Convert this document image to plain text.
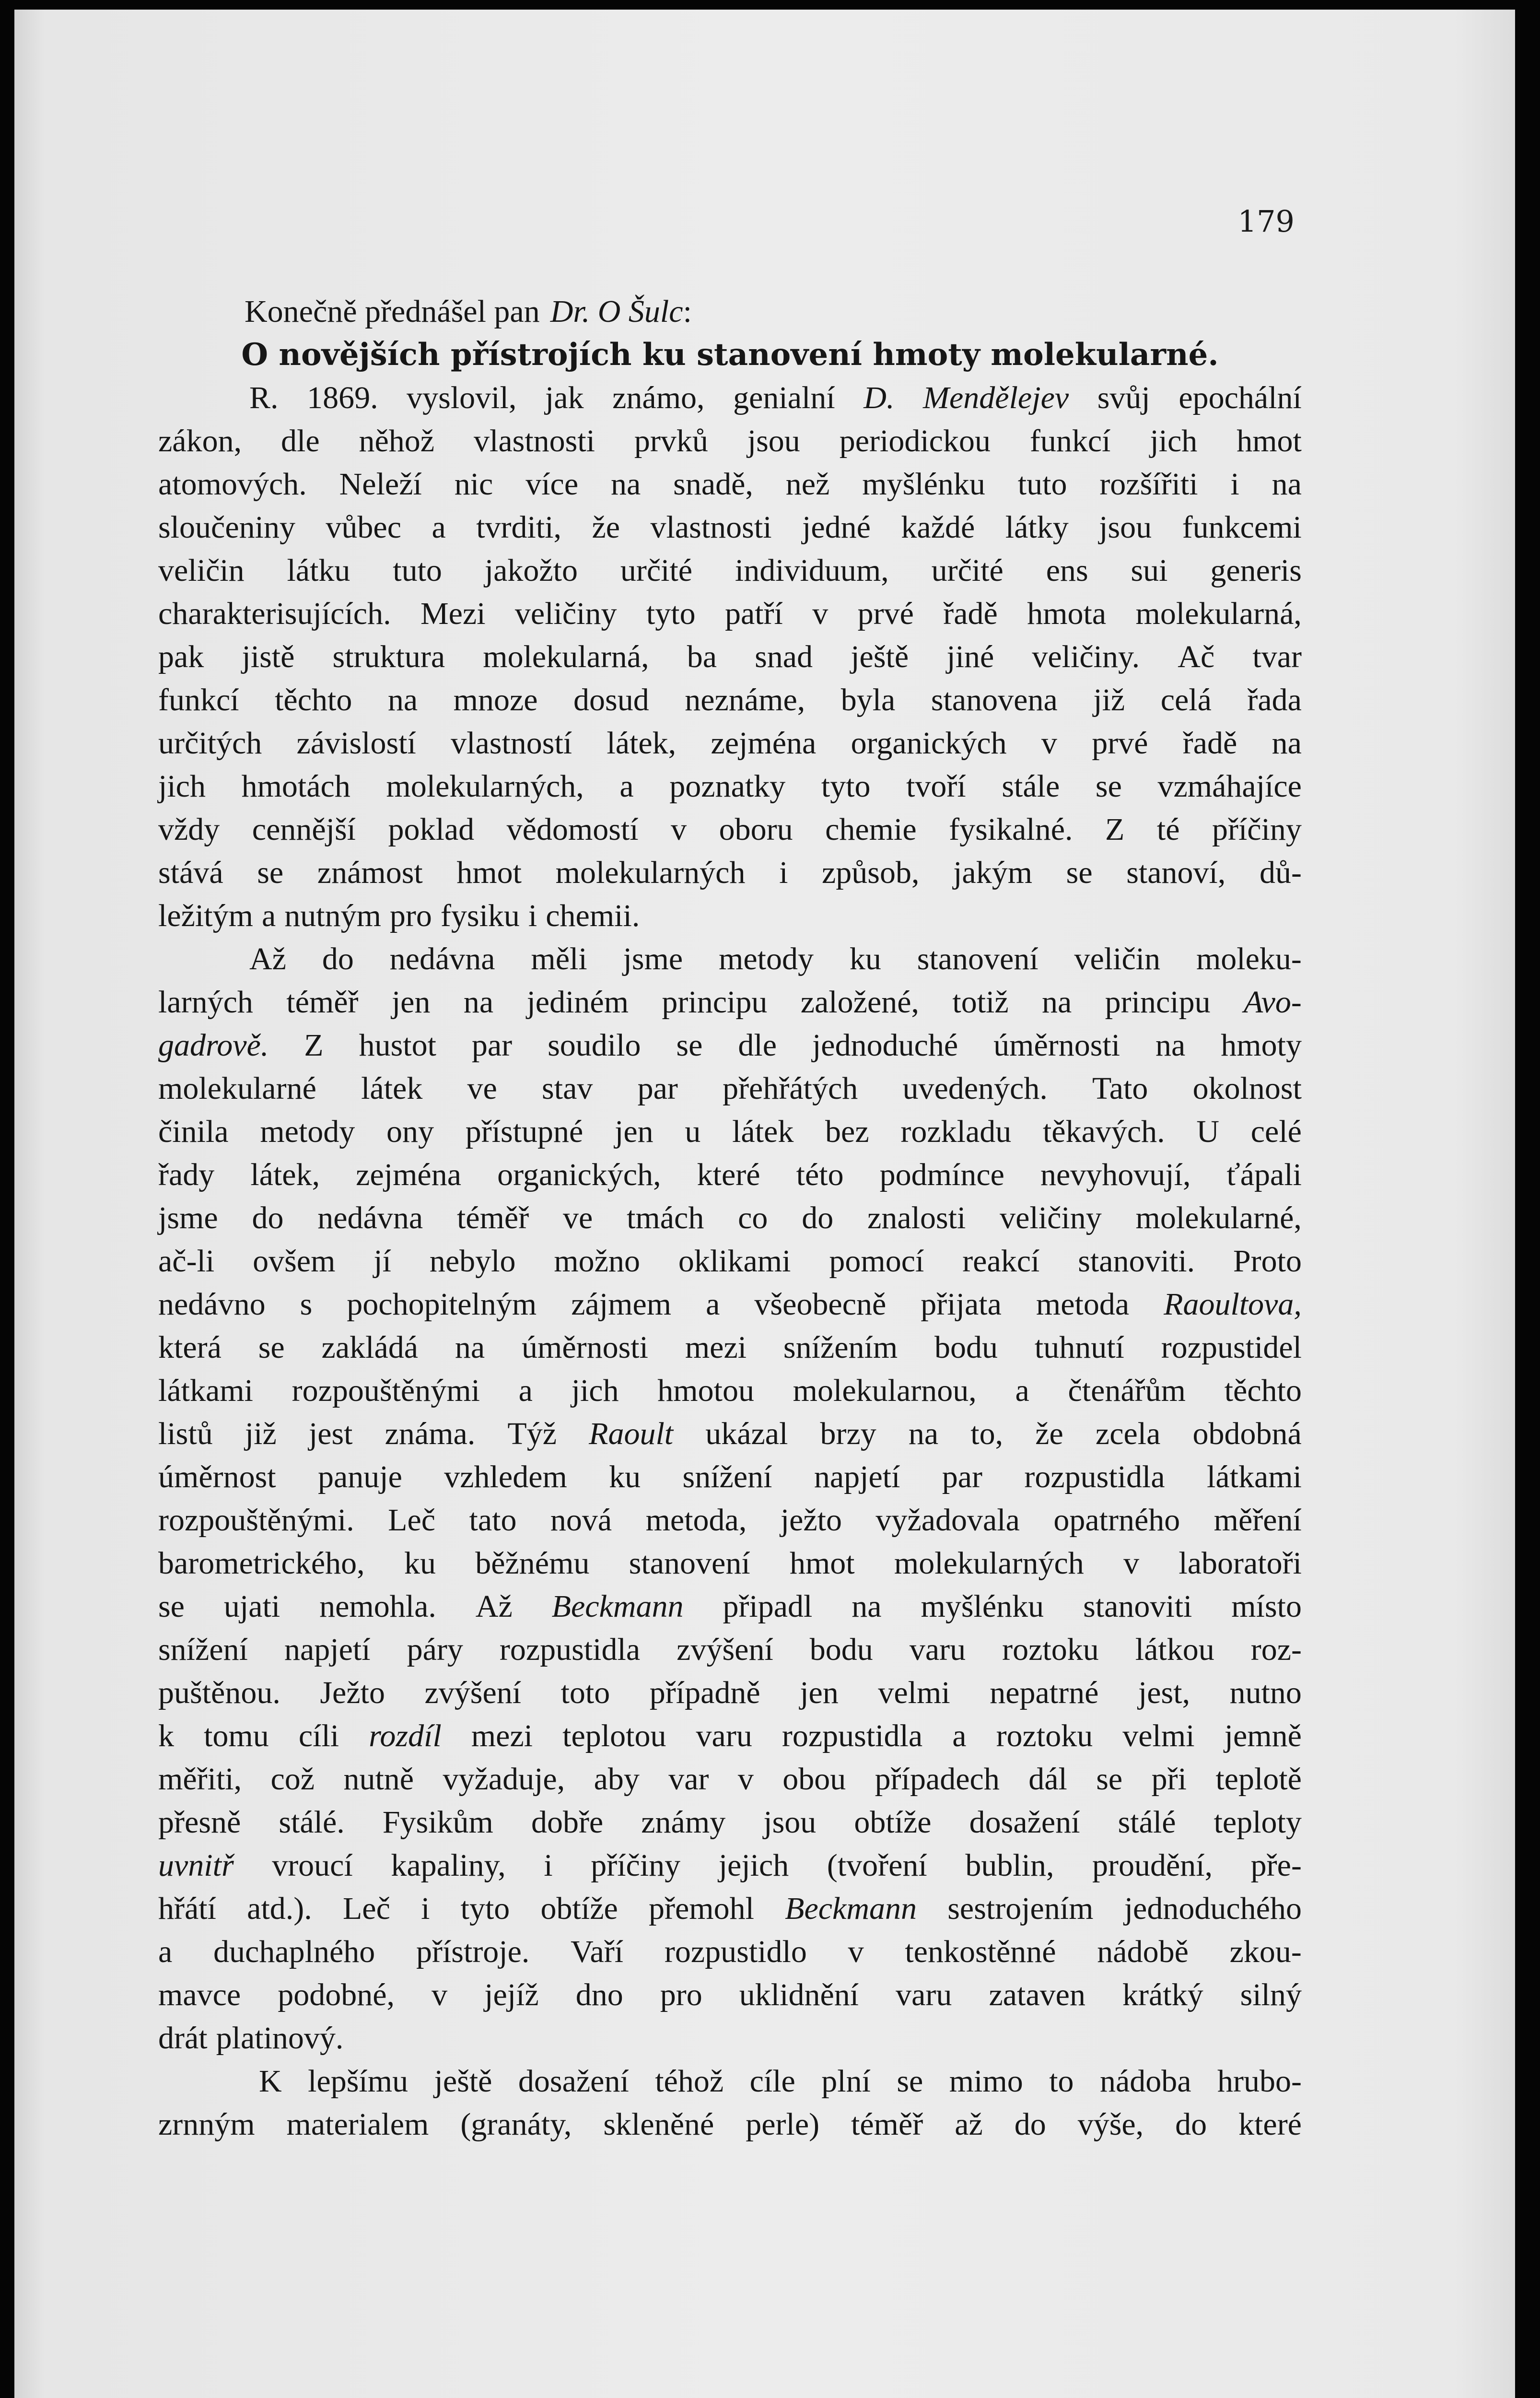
179
Konečně přednášel pan Dr. O Šulc :
O novějších přístrojích ku stanovení hmoty molekularné.
R. 1869. vyslovil, jak známo, genialní D. Mendělejev svůj epochální
zákon, dle něhož vlastnosti prvků jsou periodickou funkcí jich hmot
atomových. Neleží nic více na snadě, než myšlénku tuto rozšířiti i na
sloučeniny vůbec a tvrditi, že vlastnosti jedné každé látky jsou funkcemi
veličin látku tuto jakožto určité individuum, určité ens sui generis
charakterisujících. Mezi veličiny tyto patří v prvé řadě hmota molekularná,
pak jistě struktura molekularná, ba snad ještě jiné veličiny. Ač tvar
funkcí těchto na mnoze dosud neznáme, byla stanovena již celá řada
určitých závislostí vlastností látek, zejména organických v prvé řadě na
jich hmotách molekularných, a poznatky tyto tvoří stále se vzmáhajíce
vždy cennější poklad vědomostí v oboru chemie fysikalné. Z té příčiny
stává se známost hmot molekularných i způsob, jakým se stanoví, dů-
ležitým a nutným pro fysiku i chemii.
Až do nedávna měli jsme metody ku stanovení veličin moleku-
larných téměř jen na jediném principu založené, totiž na principu Avo-
gadrově. Z hustot par soudilo se dle jednoduché úměrnosti na hmoty
molekularné látek ve stav par přehřátých uvedených. Tato okolnost
činila metody ony přístupné jen u látek bez rozkladu těkavých. U celé
řady látek, zejména organických, které této podmínce nevyhovují, ťápali
jsme do nedávna téměř ve tmách co do znalosti veličiny molekularné,
ač-li ovšem jí nebylo možno oklikami pomocí reakcí stanoviti. Proto
nedávno s pochopitelným zájmem a všeobecně přijata metoda Raoultova,
která se zakládá na úměrnosti mezi snížením bodu tuhnutí rozpustidel
látkami rozpouštěnými a jich hmotou molekularnou, a čtenářům těchto
listů již jest známa. Týž Raoult ukázal brzy na to, že zcela obdobná
úměrnost panuje vzhledem ku snížení napjetí par rozpustidla látkami
rozpouštěnými. Leč tato nová metoda, ježto vyžadovala opatrného měření
barometrického, ku běžnému stanovení hmot molekularných v laboratoři
se ujati nemohla. Až Beckmann připadl na myšlénku stanoviti místo
snížení napjetí páry rozpustidla zvýšení bodu varu roztoku látkou roz-
puštěnou. Ježto zvýšení toto případně jen velmi nepatrné jest, nutno
k tomu cíli rozdíl mezi teplotou varu rozpustidla a roztoku velmi jemně
měřiti, což nutně vyžaduje, aby var v obou případech dál se při teplotě
přesně stálé. Fysikům dobře známy jsou obtíže dosažení stálé teploty
uvnitř vroucí kapaliny, i příčiny jejich (tvoření bublin, proudění, pře-
hřátí atd.). Leč i tyto obtíže přemohl Beckmann sestrojením jednoduchého
a duchaplného přístroje. Vaří rozpustidlo v tenkostěnné nádobě zkou-
mavce podobné, v jejíž dno pro uklidnění varu zataven krátký silný
drát platinový.
K lepšímu ještě dosažení téhož cíle plní se mimo to nádoba hrubo-
zrnným materialem (granáty, skleněné perle) téměř až do výše, do které
